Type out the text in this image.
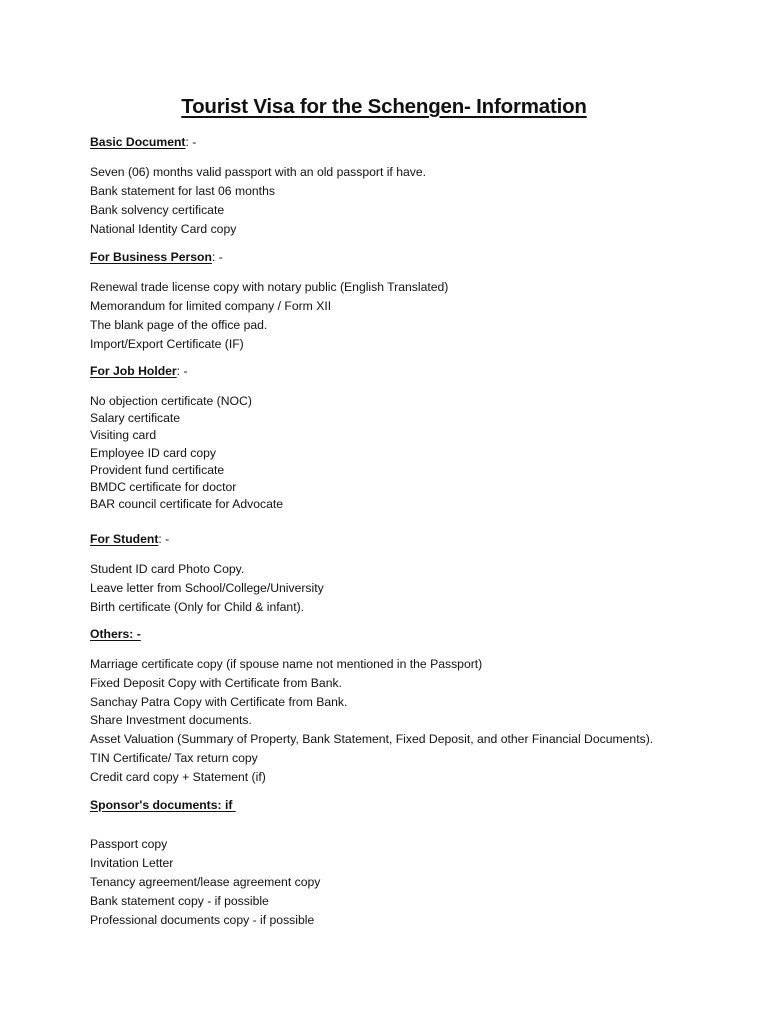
Tourist Visa for the Schengen- Information
Basic Document: -
Seven (06) months valid passport with an old passport if have.
Bank statement for last 06 months
Bank solvency certificate
National Identity Card copy
For Business Person: -
Renewal trade license copy with notary public (English Translated)
Memorandum for limited company / Form XII
The blank page of the office pad.
Import/Export Certificate (IF)
For Job Holder: -
No objection certificate (NOC)
Salary certificate
Visiting card
Employee ID card copy
Provident fund certificate
BMDC certificate for doctor
BAR council certificate for Advocate
For Student: -
Student ID card Photo Copy.
Leave letter from School/College/University
Birth certificate (Only for Child & infant).
Others: -
Marriage certificate copy (if spouse name not mentioned in the Passport)
Fixed Deposit Copy with Certificate from Bank.
Sanchay Patra Copy with Certificate from Bank.
Share Investment documents.
Asset Valuation (Summary of Property, Bank Statement, Fixed Deposit, and other Financial Documents).
TIN Certificate/ Tax return copy
Credit card copy + Statement (if)
Sponsor's documents: if
Passport copy
Invitation Letter
Tenancy agreement/lease agreement copy
Bank statement copy - if possible
Professional documents copy - if possible
